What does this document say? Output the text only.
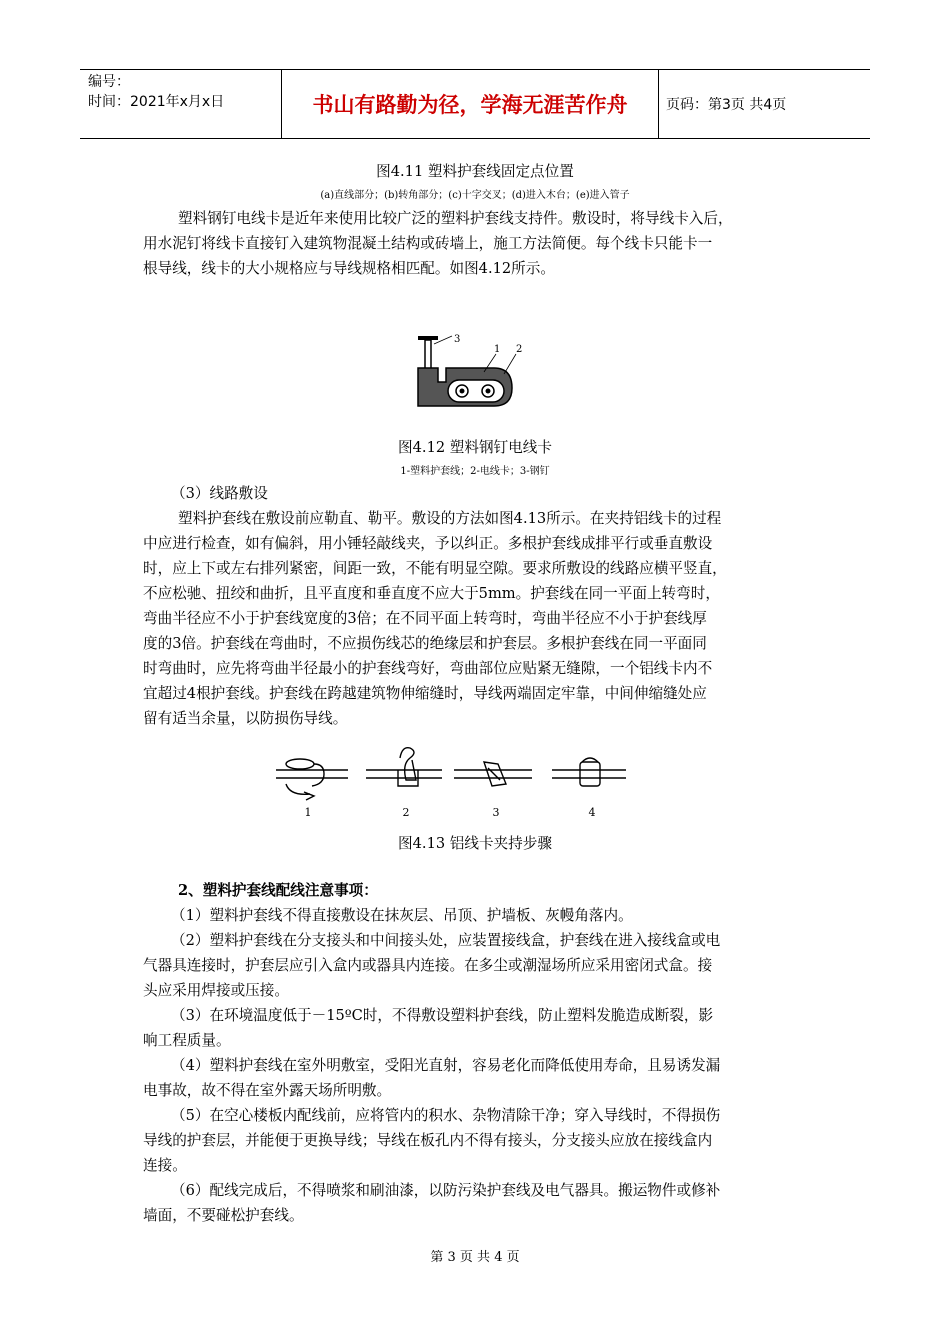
编号：
时间：2021年x月x日	书山有路勤为径，学海无涯苦作舟	页码：第3页 共4页
图4.11 塑料护套线固定点位置
(a)直线部分；(b)转角部分；(c)十字交叉；(d)进入木台；(e)进入管子
塑料钢钉电线卡是近年来使用比较广泛的塑料护套线支持件。敷设时，将导线卡入后，
用水泥钉将线卡直接钉入建筑物混凝土结构或砖墙上，施工方法简便。每个线卡只能卡一
根导线，线卡的大小规格应与导线规格相匹配。如图4.12所示。
3
1 2
图4.12 塑料钢钉电线卡
1-塑料护套线；2-电线卡；3-钢钉
（3）线路敷设
塑料护套线在敷设前应勒直、勒平。敷设的方法如图4.13所示。在夹持铝线卡的过程
中应进行检查，如有偏斜，用小锤轻敲线夹，予以纠正。多根护套线成排平行或垂直敷设
时，应上下或左右排列紧密，间距一致，不能有明显空隙。要求所敷设的线路应横平竖直，
不应松驰、扭绞和曲折，且平直度和垂直度不应大于5mm。护套线在同一平面上转弯时，
弯曲半径应不小于护套线宽度的3倍；在不同平面上转弯时，弯曲半径应不小于护套线厚
度的3倍。护套线在弯曲时，不应损伤线芯的绝缘层和护套层。多根护套线在同一平面同
时弯曲时，应先将弯曲半径最小的护套线弯好，弯曲部位应贴紧无缝隙，一个铝线卡内不
宜超过4根护套线。护套线在跨越建筑物伸缩缝时，导线两端固定牢靠，中间伸缩缝处应
留有适当余量，以防损伤导线。
1	2	3	4
图4.13 铝线卡夹持步骤
2、塑料护套线配线注意事项：
（1）塑料护套线不得直接敷设在抹灰层、吊顶、护墙板、灰幔角落内。
（2）塑料护套线在分支接头和中间接头处，应装置接线盒，护套线在进入接线盒或电
气器具连接时，护套层应引入盒内或器具内连接。在多尘或潮湿场所应采用密闭式盒。接
头应采用焊接或压接。
（3）在环境温度低于－15ºC时，不得敷设塑料护套线，防止塑料发脆造成断裂，影
响工程质量。
（4）塑料护套线在室外明敷室，受阳光直射，容易老化而降低使用寿命，且易诱发漏
电事故，故不得在室外露天场所明敷。
（5）在空心楼板内配线前，应将管内的积水、杂物清除干净；穿入导线时，不得损伤
导线的护套层，并能便于更换导线；导线在板孔内不得有接头，分支接头应放在接线盒内
连接。
（6）配线完成后，不得喷浆和刷油漆，以防污染护套线及电气器具。搬运物件或修补
墙面，不要碰松护套线。
第 3 页 共 4 页
